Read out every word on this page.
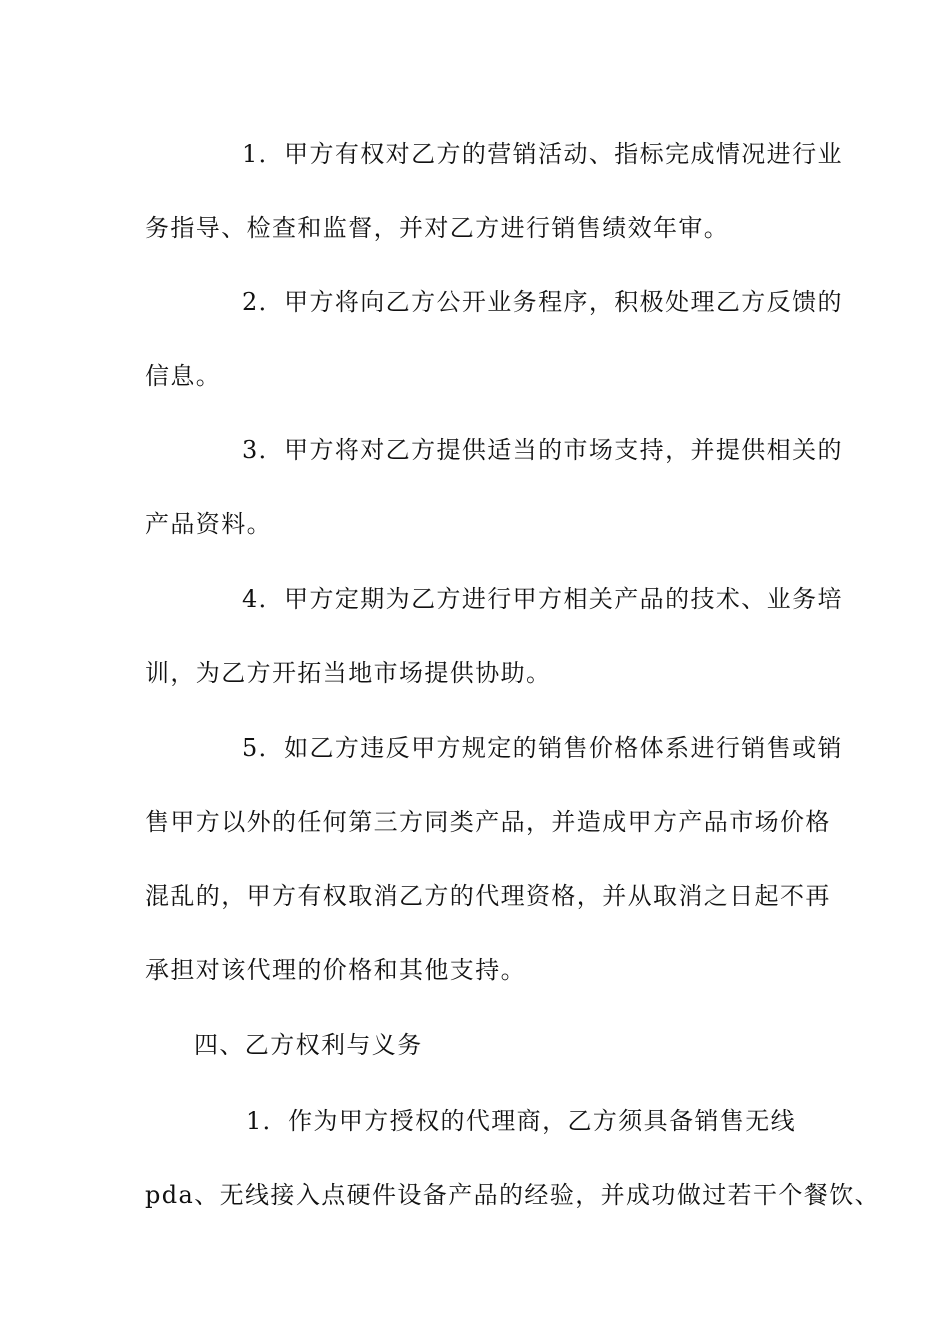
1．甲方有权对乙方的营销活动、指标完成情况进行业
务指导、检查和监督，并对乙方进行销售绩效年审。
2．甲方将向乙方公开业务程序，积极处理乙方反馈的
信息。
3．甲方将对乙方提供适当的市场支持，并提供相关的
产品资料。
4．甲方定期为乙方进行甲方相关产品的技术、业务培
训，为乙方开拓当地市场提供协助。
5．如乙方违反甲方规定的销售价格体系进行销售或销
售甲方以外的任何第三方同类产品，并造成甲方产品市场价格
混乱的，甲方有权取消乙方的代理资格，并从取消之日起不再
承担对该代理的价格和其他支持。
四、乙方权利与义务
1．作为甲方授权的代理商，乙方须具备销售无线
pda、无线接入点硬件设备产品的经验，并成功做过若干个餐饮、
